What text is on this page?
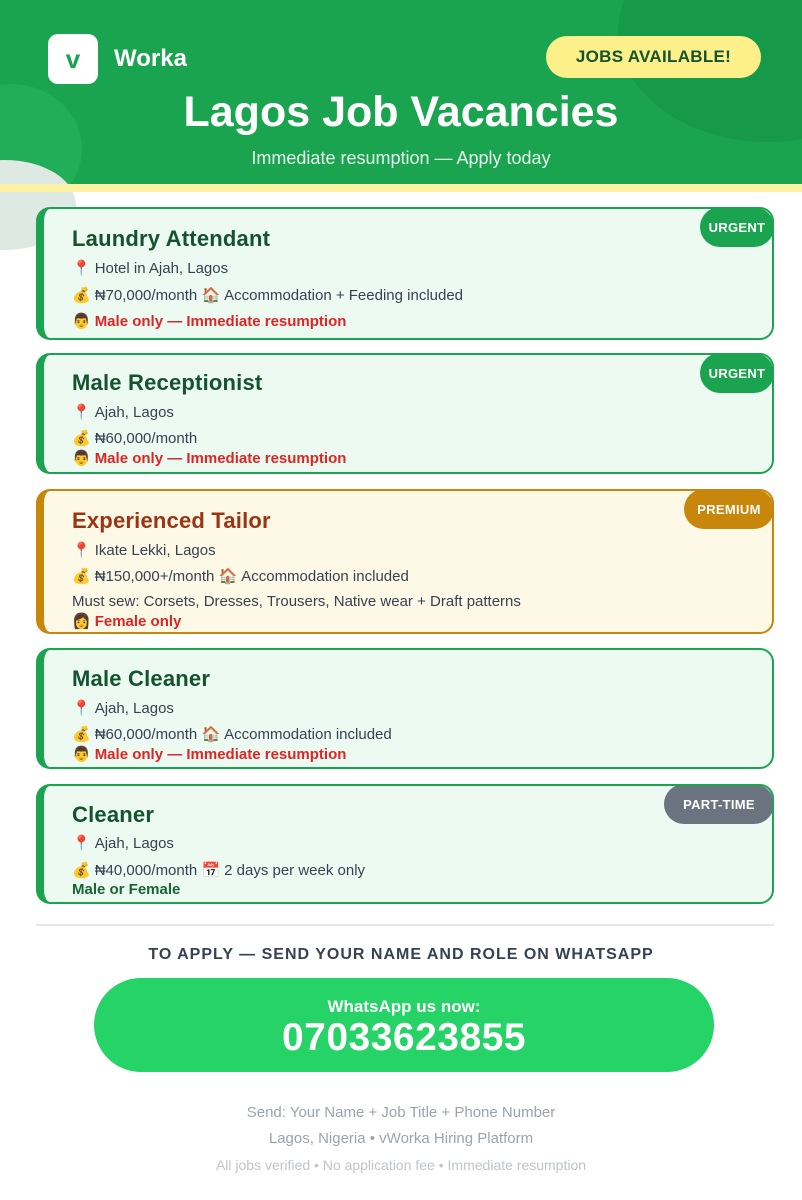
v Worka	JOBS AVAILABLE!
Lagos Job Vacancies
Immediate resumption — Apply today
URGENT
Laundry Attendant
📍 Hotel in Ajah, Lagos
💰 ₦70,000/month 🏠 Accommodation + Feeding included
👨 Male only — Immediate resumption
URGENT
Male Receptionist
📍 Ajah, Lagos
💰 ₦60,000/month
👨 Male only — Immediate resumption
PREMIUM
Experienced Tailor
📍 Ikate Lekki, Lagos
💰 ₦150,000+/month 🏠 Accommodation included
Must sew: Corsets, Dresses, Trousers, Native wear + Draft patterns
👩 Female only
Male Cleaner
📍 Ajah, Lagos
💰 ₦60,000/month 🏠 Accommodation included
👨 Male only — Immediate resumption
PART-TIME
Cleaner
📍 Ajah, Lagos
💰 ₦40,000/month 📅 2 days per week only
Male or Female
TO APPLY — SEND YOUR NAME AND ROLE ON WHATSAPP
WhatsApp us now:
07033623855
Send: Your Name + Job Title + Phone Number
Lagos, Nigeria • vWorka Hiring Platform
All jobs verified • No application fee • Immediate resumption
